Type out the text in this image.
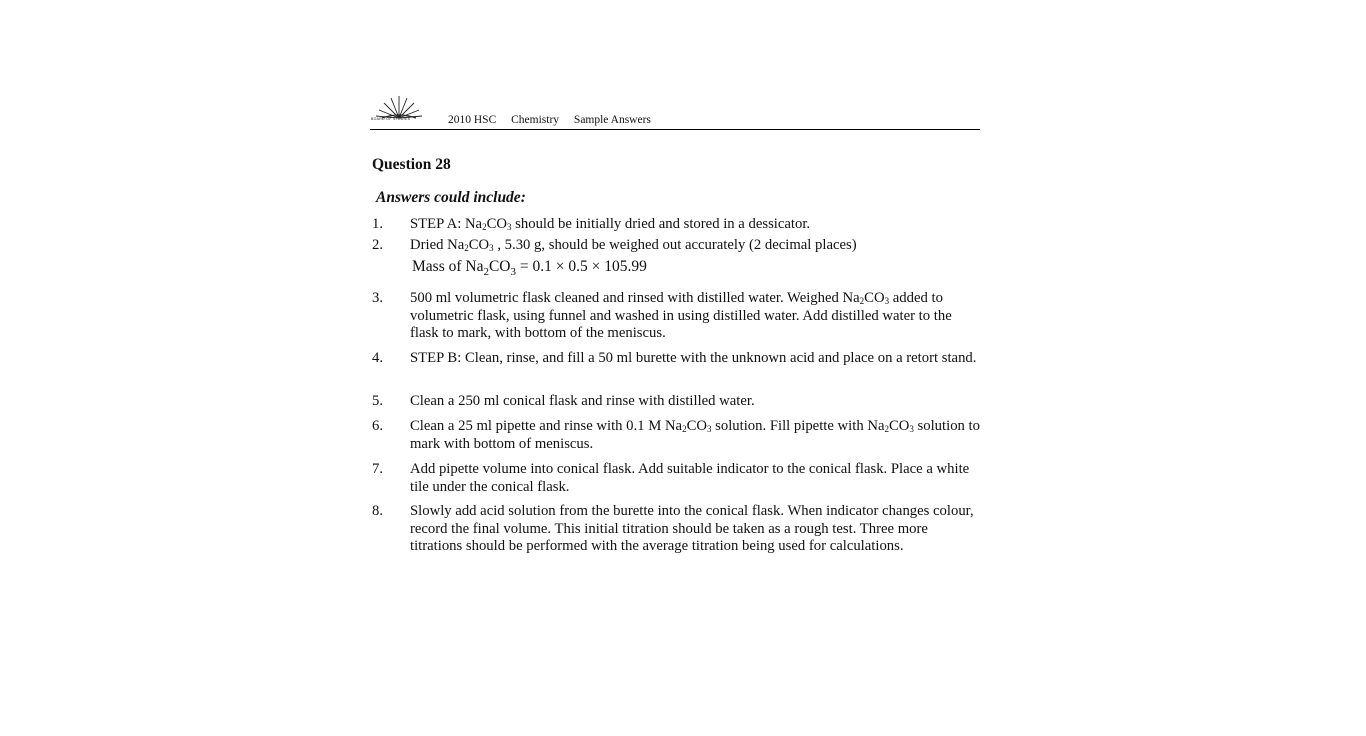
BOARD OF STUDIES	2010 HSC Chemistry Sample Answers
Question 28
Answers could include:
1. STEP A: $Na_2CO_3$ should be initially dried and stored in a dessicator.
2. Dried $Na_2CO_3$ , 5.30 g, should be weighed out accurately (2 decimal places)
Mass of $Na_2CO_3 = 0.1 \times 0.5 \times 105.99$
3. 500 ml volumetric flask cleaned and rinsed with distilled water. Weighed $Na_2CO_3$ added to volumetric flask, using funnel and washed in using distilled water. Add distilled water to the flask to mark, with bottom of the meniscus.
4. STEP B: Clean, rinse, and fill a 50 ml burette with the unknown acid and place on a retort stand.
5. Clean a 250 ml conical flask and rinse with distilled water.
6. Clean a 25 ml pipette and rinse with 0.1 M $Na_2CO_3$ solution. Fill pipette with $Na_2CO_3$ solution to mark with bottom of meniscus.
7. Add pipette volume into conical flask. Add suitable indicator to the conical flask. Place a white tile under the conical flask.
8. Slowly add acid solution from the burette into the conical flask. When indicator changes colour, record the final volume. This initial titration should be taken as a rough test. Three more titrations should be performed with the average titration being used for calculations.
